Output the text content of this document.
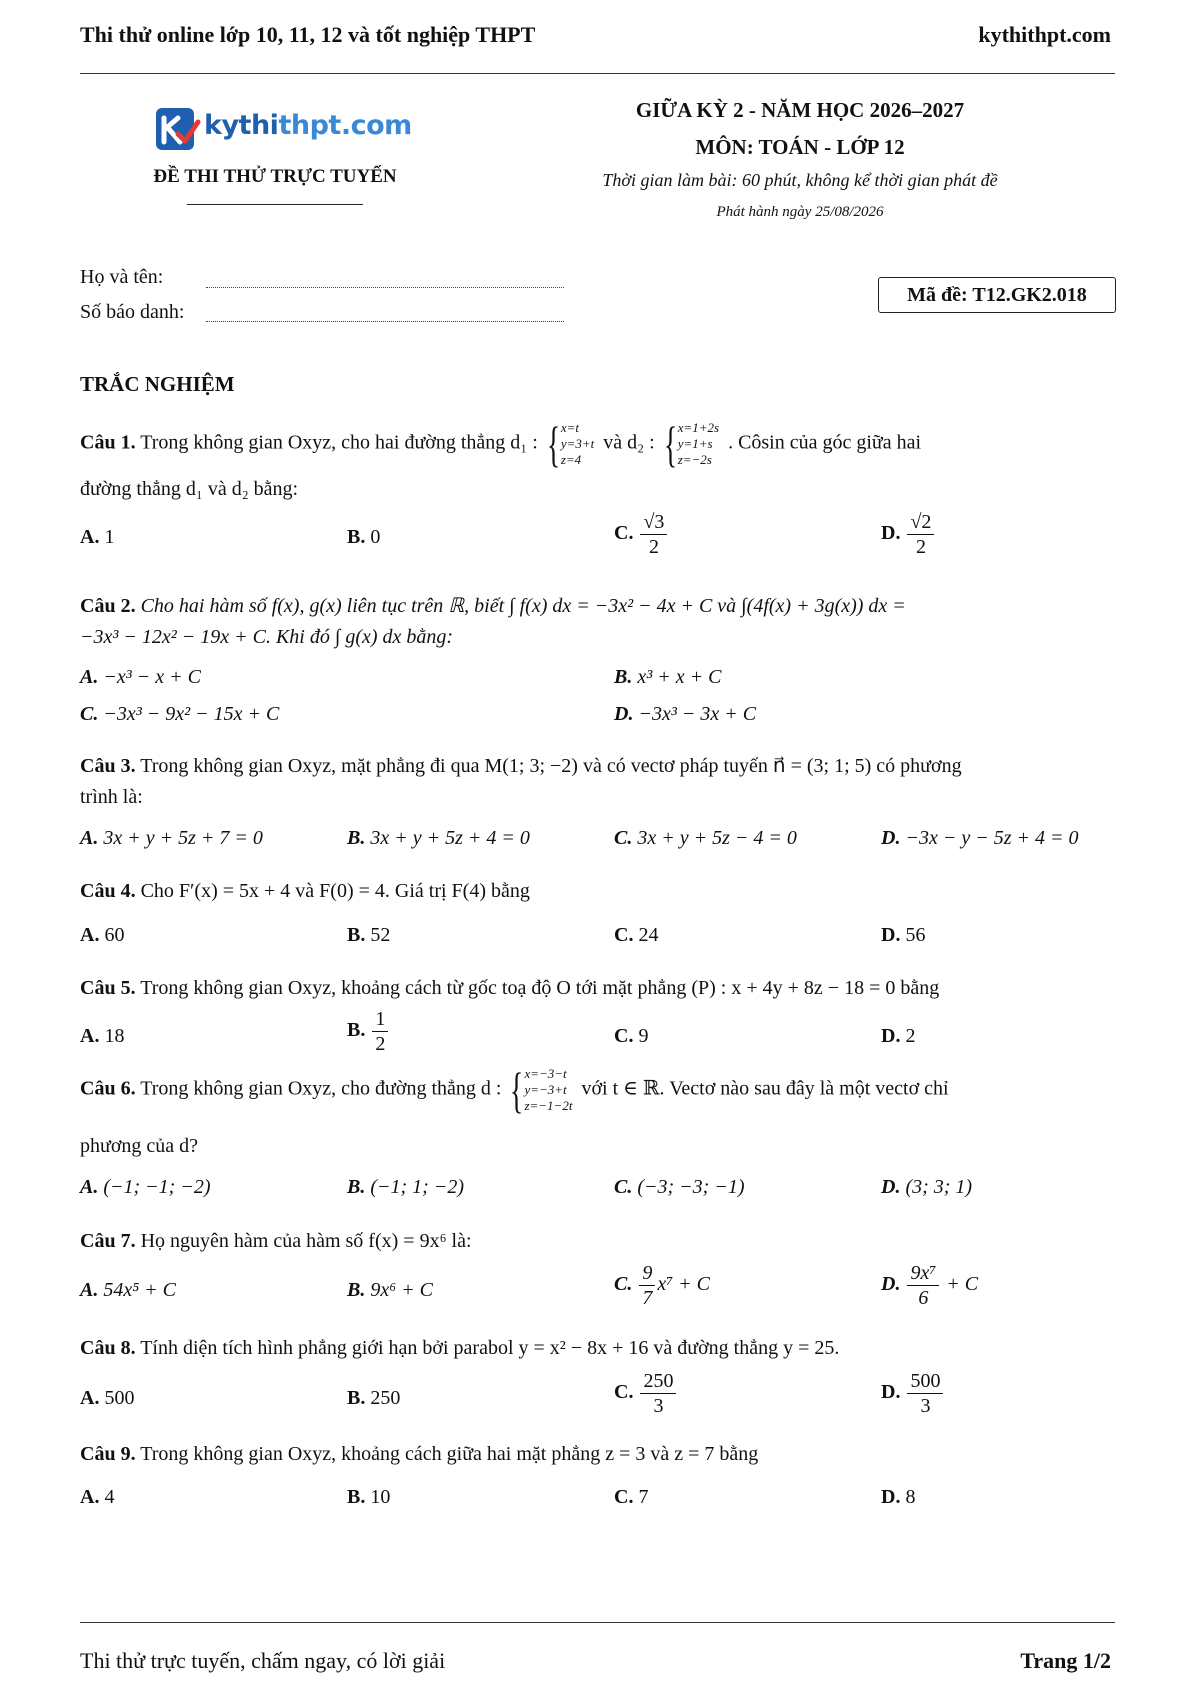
Thi thử online lớp 10, 11, 12 và tốt nghiệp THPT	kythithpt.com
kythithpt.com
ĐỀ THI THỬ TRỰC TUYẾN
GIỮA KỲ 2 - NĂM HỌC 2026–2027
MÔN: TOÁN - LỚP 12
Thời gian làm bài: 60 phút, không kể thời gian phát đề
Phát hành ngày 25/08/2026
Họ và tên:
Số báo danh:
Mã đề: T12.GK2.018
TRẮC NGHIỆM
Câu 1. Trong không gian Oxyz, cho hai đường thẳng d₁ : { x=t
y=3+t
z=4
và d₂ : { x=1+2s
y=1+s
z=−2s
. Côsin của góc giữa hai
đường thẳng d₁ và d₂ bằng:
A. 1	B. 0	C. $\frac{√3}{2}$	D. $\frac{√2}{2}$
Câu 2. Cho hai hàm số f(x), g(x) liên tục trên ℝ, biết ∫ f(x) dx = −3x² − 4x + C và ∫(4f(x) + 3g(x)) dx =
−3x³ − 12x² − 19x + C. Khi đó ∫ g(x) dx bằng:
A. −x³ − x + C	B. x³ + x + C
C. −3x³ − 9x² − 15x + C	D. −3x³ − 3x + C
Câu 3. Trong không gian Oxyz, mặt phẳng đi qua M(1; 3; −2) và có vectơ pháp tuyến n⃗ = (3; 1; 5) có phương
trình là:
A. 3x + y + 5z + 7 = 0	B. 3x + y + 5z + 4 = 0	C. 3x + y + 5z − 4 = 0	D. −3x − y − 5z + 4 = 0
Câu 4. Cho F′(x) = 5x + 4 và F(0) = 4. Giá trị F(4) bằng
A. 60	B. 52	C. 24	D. 56
Câu 5. Trong không gian Oxyz, khoảng cách từ gốc toạ độ O tới mặt phẳng (P) : x + 4y + 8z − 18 = 0 bằng
A. 18	B. $\frac{1}{2}$	C. 9	D. 2
Câu 6. Trong không gian Oxyz, cho đường thẳng d : { x=−3−t
y=−3+t
z=−1−2t
với t ∈ ℝ. Vectơ nào sau đây là một vectơ chỉ
phương của d?
A. (−1; −1; −2)	B. (−1; 1; −2)	C. (−3; −3; −1)	D. (3; 3; 1)
Câu 7. Họ nguyên hàm của hàm số f(x) = 9x⁶ là:
A. 54x⁵ + C	B. 9x⁶ + C	C. $\frac{9}{7} x^7 + C$	D. $\frac{\text{9x⁷}}{6} + C$
Câu 8. Tính diện tích hình phẳng giới hạn bởi parabol y = x² − 8x + 16 và đường thẳng y = 25.
A. 500	B. 250	C. $\frac{250}{3}$	D. $\frac{500}{3}$
Câu 9. Trong không gian Oxyz, khoảng cách giữa hai mặt phẳng z = 3 và z = 7 bằng
A. 4	B. 10	C. 7	D. 8
Thi thử trực tuyến, chấm ngay, có lời giải	Trang 1/2
